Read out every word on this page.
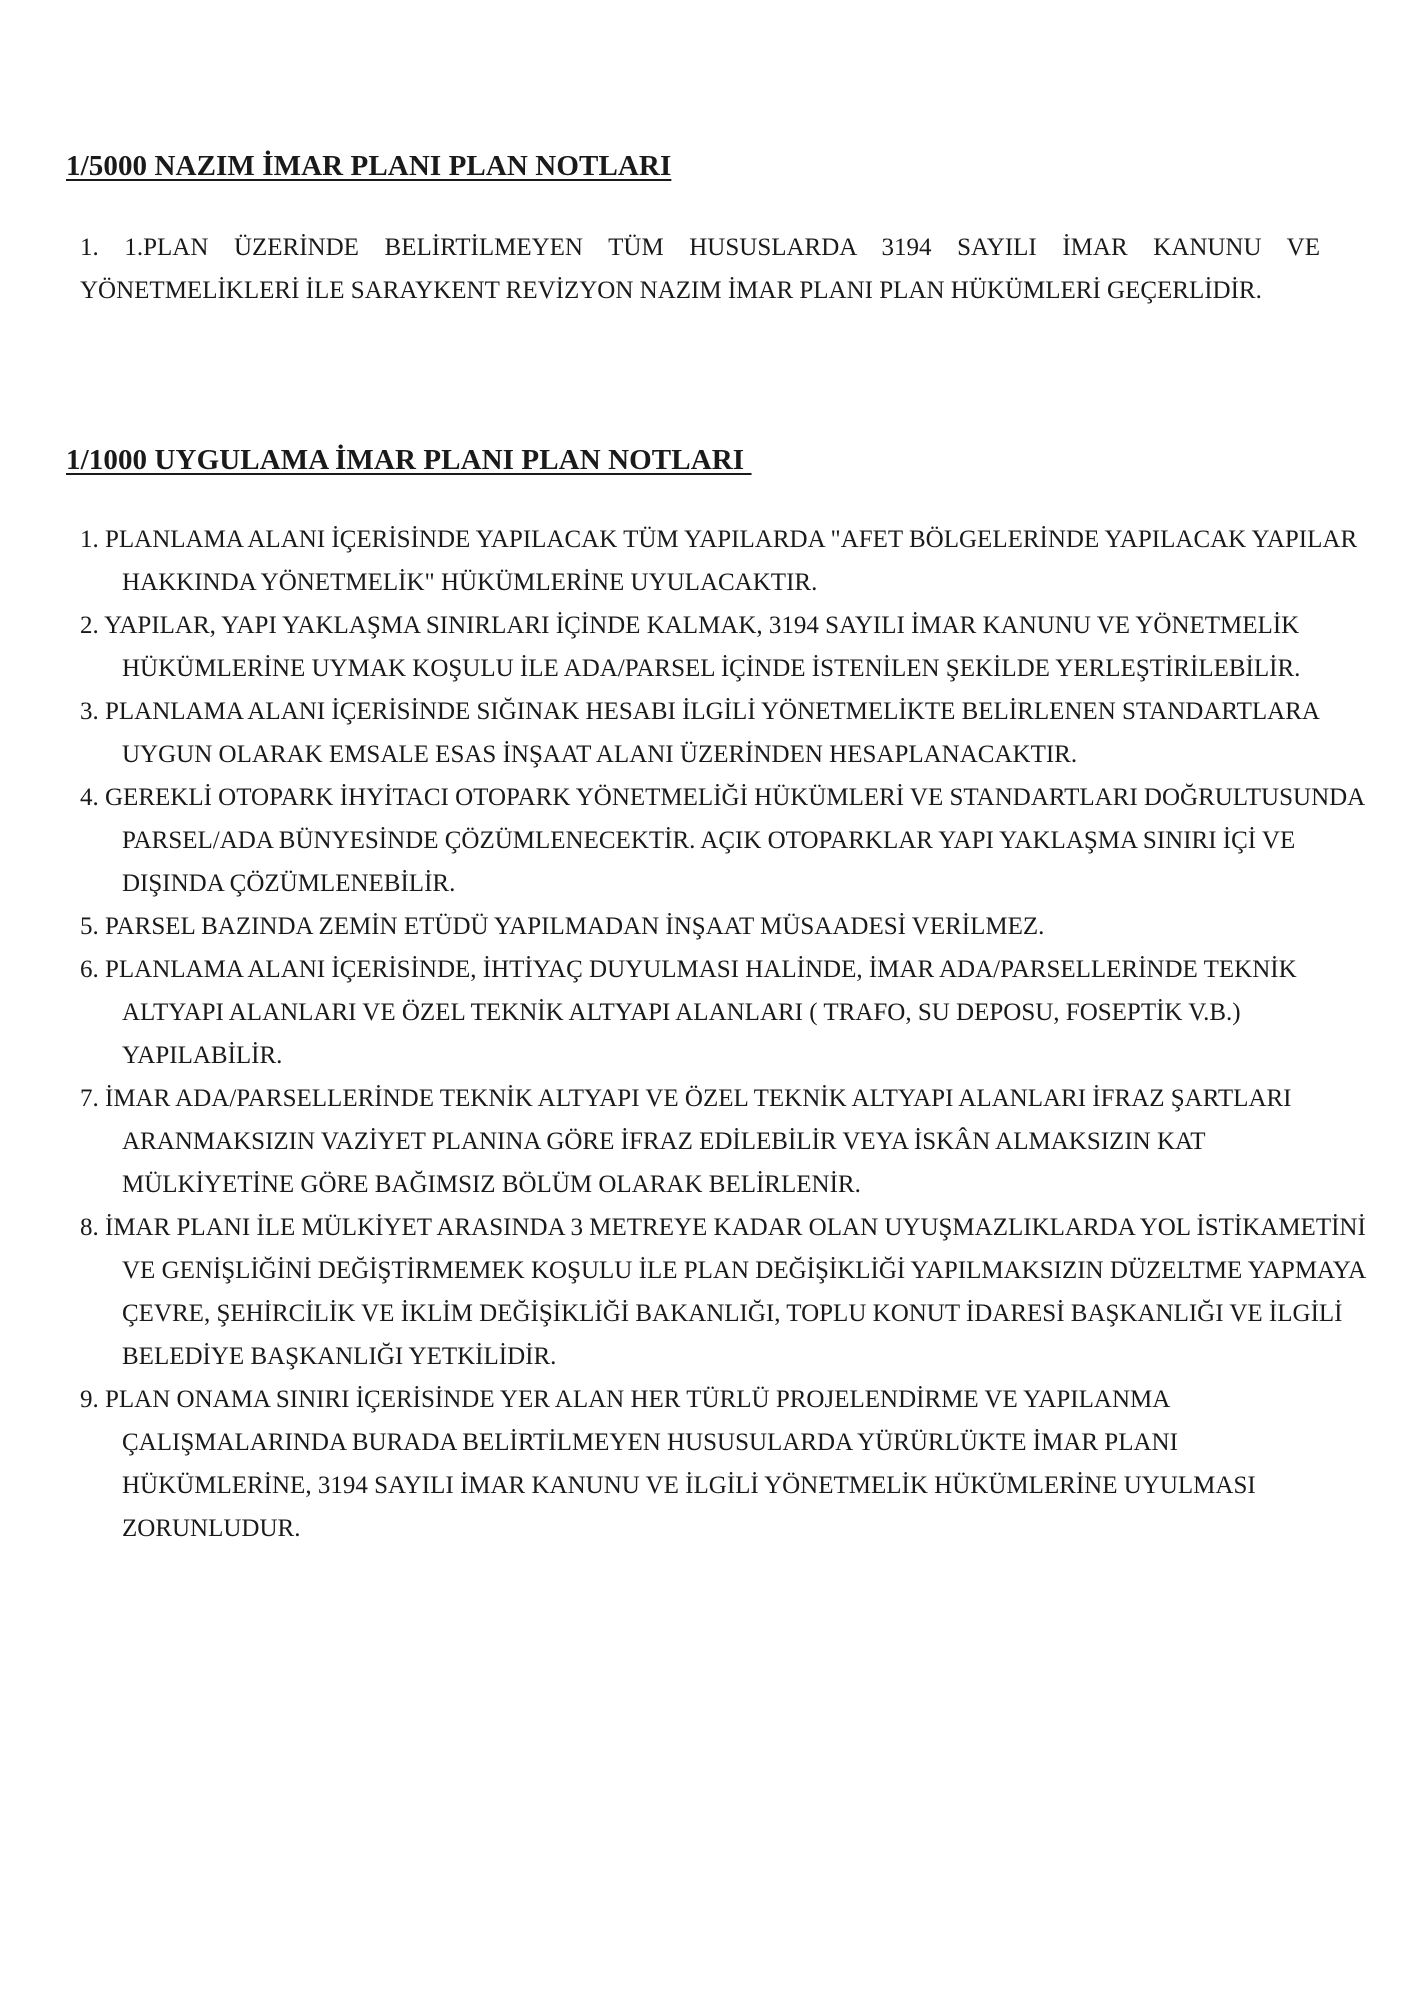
1/5000 NAZIM İMAR PLANI PLAN NOTLARI
1. 1.PLAN ÜZERİNDE BELİRTİLMEYEN TÜM HUSUSLARDA 3194 SAYILI İMAR KANUNU VE YÖNETMELİKLERİ İLE SARAYKENT REVİZYON NAZIM İMAR PLANI PLAN HÜKÜMLERİ GEÇERLİDİR.
1/1000 UYGULAMA İMAR PLANI PLAN NOTLARI
1. PLANLAMA ALANI İÇERİSİNDE YAPILACAK TÜM YAPILARDA "AFET BÖLGELERİNDE YAPILACAK YAPILAR HAKKINDA YÖNETMELİK" HÜKÜMLERİNE UYULACAKTIR.
2. YAPILAR, YAPI YAKLAŞMA SINIRLARI İÇİNDE KALMAK, 3194 SAYILI İMAR KANUNU VE YÖNETMELİK HÜKÜMLERİNE UYMAK KOŞULU İLE ADA/PARSEL İÇİNDE İSTENİLEN ŞEKİLDE YERLEŞTİRİLEBİLİR.
3. PLANLAMA ALANI İÇERİSİNDE SIĞINAK HESABI İLGİLİ YÖNETMELİKTE BELİRLENEN STANDARTLARA UYGUN OLARAK EMSALE ESAS İNŞAAT ALANI ÜZERİNDEN HESAPLANACAKTIR.
4. GEREKLİ OTOPARK İHYİTACI OTOPARK YÖNETMELİĞİ HÜKÜMLERİ VE STANDARTLARI DOĞRULTUSUNDA PARSEL/ADA BÜNYESİNDE ÇÖZÜMLENECEKTİR. AÇIK OTOPARKLAR YAPI YAKLAŞMA SINIRI İÇİ VE DIŞINDA ÇÖZÜMLENEBİLİR.
5. PARSEL BAZINDA ZEMİN ETÜDÜ YAPILMADAN İNŞAAT MÜSAADESİ VERİLMEZ.
6. PLANLAMA ALANI İÇERİSİNDE, İHTİYAÇ DUYULMASI HALİNDE, İMAR ADA/PARSELLERİNDE TEKNİK ALTYAPI ALANLARI VE ÖZEL TEKNİK ALTYAPI ALANLARI ( TRAFO, SU DEPOSU, FOSEPTİK V.B.) YAPILABİLİR.
7. İMAR ADA/PARSELLERİNDE TEKNİK ALTYAPI VE ÖZEL TEKNİK ALTYAPI ALANLARI İFRAZ ŞARTLARI ARANMAKSIZIN VAZİYET PLANINA GÖRE İFRAZ EDİLEBİLİR VEYA İSKÂN ALMAKSIZIN KAT MÜLKİYETİNE GÖRE BAĞIMSIZ BÖLÜM OLARAK BELİRLENİR.
8. İMAR PLANI İLE MÜLKİYET ARASINDA 3 METREYE KADAR OLAN UYUŞMAZLIKLARDA YOL İSTİKAMETİNİ VE GENİŞLİĞİNİ DEĞİŞTİRMEMEK KOŞULU İLE PLAN DEĞİŞİKLİĞİ YAPILMAKSIZIN DÜZELTME YAPMAYA ÇEVRE, ŞEHİRCİLİK VE İKLİM DEĞİŞİKLİĞİ BAKANLIĞI, TOPLU KONUT İDARESİ BAŞKANLIĞI VE İLGİLİ BELEDİYE BAŞKANLIĞI YETKİLİDİR.
9. PLAN ONAMA SINIRI İÇERİSİNDE YER ALAN HER TÜRLÜ PROJELENDİRME VE YAPILANMA ÇALIŞMALARINDA BURADA BELİRTİLMEYEN HUSUSULARDA YÜRÜRLÜKTE İMAR PLANI HÜKÜMLERİNE, 3194 SAYILI İMAR KANUNU VE İLGİLİ YÖNETMELİK HÜKÜMLERİNE UYULMASI ZORUNLUDUR.
